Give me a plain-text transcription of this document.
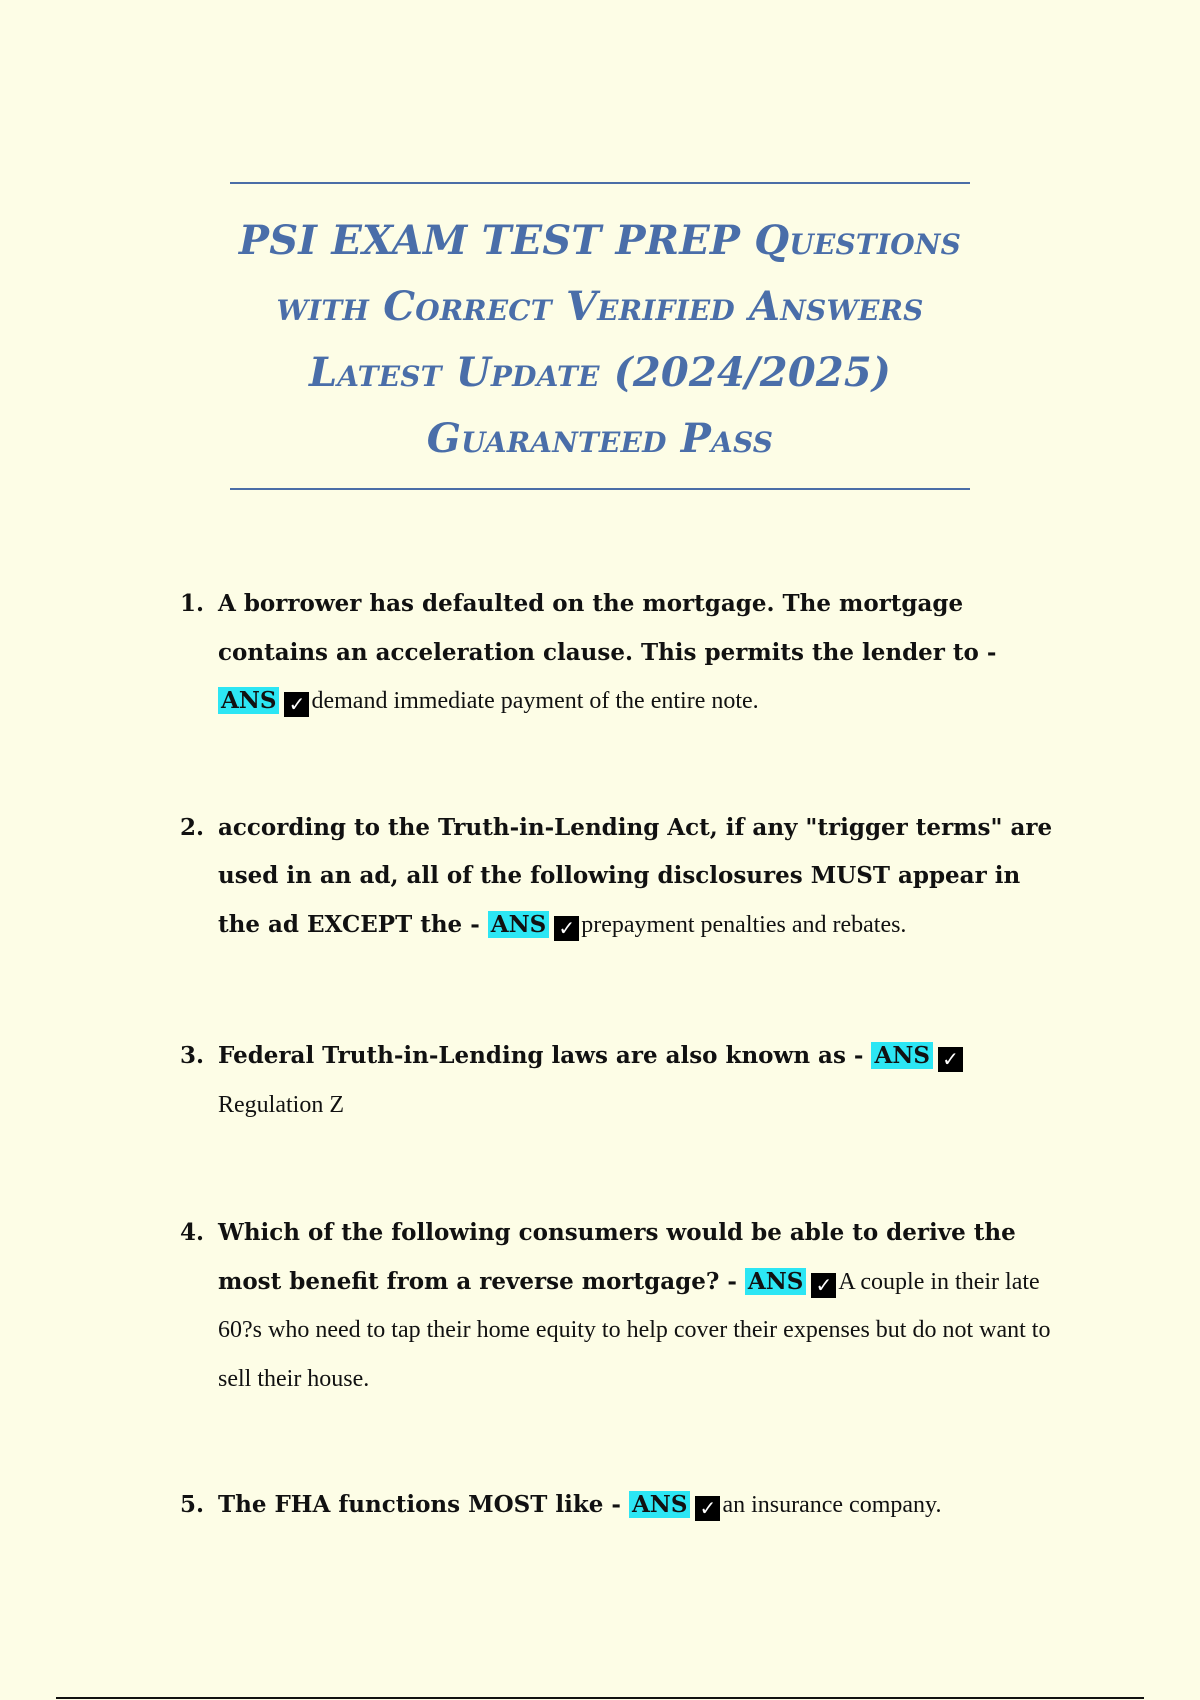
PSI EXAM TEST PREP Questions
with Correct Verified Answers
Latest Update (2024/2025)
Guaranteed Pass
1. A borrower has defaulted on the mortgage. The mortgage contains an acceleration clause. This permits the lender to - ANS ✓ demand immediate payment of the entire note.
2. according to the Truth-in-Lending Act, if any "trigger terms" are used in an ad, all of the following disclosures MUST appear in the ad EXCEPT the - ANS ✓ prepayment penalties and rebates.
3. Federal Truth-in-Lending laws are also known as - ANS ✓Regulation Z
4. Which of the following consumers would be able to derive the most benefit from a reverse mortgage? - ANS ✓ A couple in their late 60?s who need to tap their home equity to help cover their expenses but do not want to sell their house.
5. The FHA functions MOST like - ANS ✓ an insurance company.
